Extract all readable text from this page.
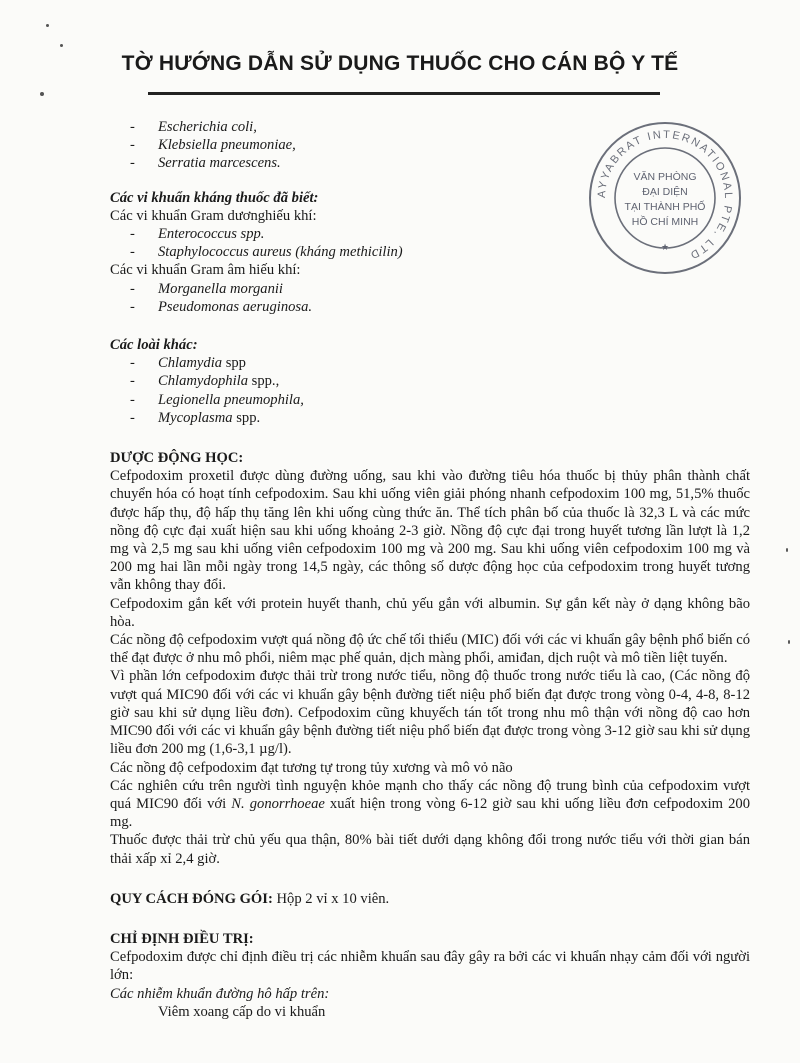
TỜ HƯỚNG DẪN SỬ DỤNG THUỐC CHO CÁN BỘ Y TẾ
AYYABRAT INTERNATIONAL PTE. LTD
VĂN PHÒNG
ĐẠI DIỆN
TẠI THÀNH PHỐ
HỒ CHÍ MINH
★
- Escherichia coli,
- Klebsiella pneumoniae,
- Serratia marcescens.
Các vi khuẩn kháng thuốc đã biết:
Các vi khuẩn Gram dươnghiếu khí:
- Enterococcus spp.
- Staphylococcus aureus (kháng methicilin)
Các vi khuẩn Gram âm hiếu khí:
- Morganella morganii
- Pseudomonas aeruginosa.
Các loài khác:
- Chlamydia spp
- Chlamydophila spp.,
- Legionella pneumophila,
- Mycoplasma spp.
DƯỢC ĐỘNG HỌC:

Cefpodoxim proxetil được dùng đường uống, sau khi vào đường tiêu hóa thuốc bị thủy phân thành chất chuyển hóa có hoạt tính cefpodoxim. Sau khi uống viên giải phóng nhanh cefpodoxim 100 mg, 51,5% thuốc được hấp thụ, độ hấp thụ tăng lên khi uống cùng thức ăn. Thể tích phân bố của thuốc là 32,3 L và các mức nồng độ cực đại xuất hiện sau khi uống khoảng 2-3 giờ. Nồng độ cực đại trong huyết tương lần lượt là 1,2 mg và 2,5 mg sau khi uống viên cefpodoxim 100 mg và 200 mg. Sau khi uống viên cefpodoxim 100 mg và 200 mg hai lần mỗi ngày trong 14,5 ngày, các thông số dược động học của cefpodoxim trong huyết tương vẫn không thay đổi.

Cefpodoxim gắn kết với protein huyết thanh, chủ yếu gắn với albumin. Sự gắn kết này ở dạng không bão hòa.

Các nồng độ cefpodoxim vượt quá nồng độ ức chế tối thiểu (MIC) đối với các vi khuẩn gây bệnh phổ biến có thể đạt được ở nhu mô phổi, niêm mạc phế quản, dịch màng phổi, amiđan, dịch ruột và mô tiền liệt tuyến.

Vì phần lớn cefpodoxim được thải trừ trong nước tiểu, nồng độ thuốc trong nước tiểu là cao, (Các nồng độ vượt quá MIC90 đối với các vi khuẩn gây bệnh đường tiết niệu phổ biến đạt được trong vòng 0-4, 4-8, 8-12 giờ sau khi sử dụng liều đơn). Cefpodoxim cũng khuyếch tán tốt trong nhu mô thận với nồng độ cao hơn MIC90 đối với các vi khuẩn gây bệnh đường tiết niệu phổ biến đạt được trong vòng 3-12 giờ sau khi sử dụng liều đơn 200 mg (1,6-3,1 µg/l).

Các nồng độ cefpodoxim đạt tương tự trong tủy xương và mô vỏ não

Các nghiên cứu trên người tình nguyện khỏe mạnh cho thấy các nồng độ trung bình của cefpodoxim vượt quá MIC90 đối với N. gonorrhoeae xuất hiện trong vòng 6-12 giờ sau khi uống liều đơn cefpodoxim 200 mg.

Thuốc được thải trừ chủ yếu qua thận, 80% bài tiết dưới dạng không đổi trong nước tiểu với thời gian bán thải xấp xỉ 2,4 giờ.

QUY CÁCH ĐÓNG GÓI: Hộp 2 vỉ x 10 viên.
CHỈ ĐỊNH ĐIỀU TRỊ:

Cefpodoxim được chỉ định điều trị các nhiễm khuẩn sau đây gây ra bởi các vi khuẩn nhạy cảm đối với người lớn:

Các nhiễm khuẩn đường hô hấp trên:
Viêm xoang cấp do vi khuẩn
